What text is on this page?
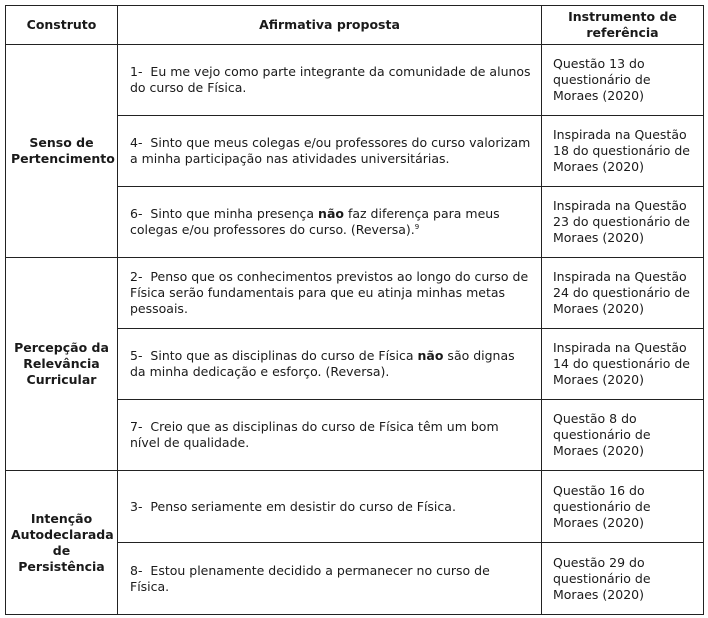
Construto	Afirmativa proposta	Instrumento de referência
Senso de Pertencimento	1- Eu me vejo como parte integrante da comunidade de alunos do curso de Física.	Questão 13 do questionário de Moraes (2020)
	4- Sinto que meus colegas e/ou professores do curso valorizam a minha participação nas atividades universitárias.	Inspirada na Questão 18 do questionário de Moraes (2020)
	6- Sinto que minha presença não faz diferença para meus colegas e/ou professores do curso. (Reversa).$^9$	Inspirada na Questão 23 do questionário de Moraes (2020)
Percepção da Relevância Curricular	2- Penso que os conhecimentos previstos ao longo do curso de Física serão fundamentais para que eu atinja minhas metas pessoais.	Inspirada na Questão 24 do questionário de Moraes (2020)
	5- Sinto que as disciplinas do curso de Física não são dignas da minha dedicação e esforço. (Reversa).	Inspirada na Questão 14 do questionário de Moraes (2020)
	7- Creio que as disciplinas do curso de Física têm um bom nível de qualidade.	Questão 8 do questionário de Moraes (2020)
Intenção Autodeclarada de Persistência	3- Penso seriamente em desistir do curso de Física.	Questão 16 do questionário de Moraes (2020)
	8- Estou plenamente decidido a permanecer no curso de Física.	Questão 29 do questionário de Moraes (2020)
